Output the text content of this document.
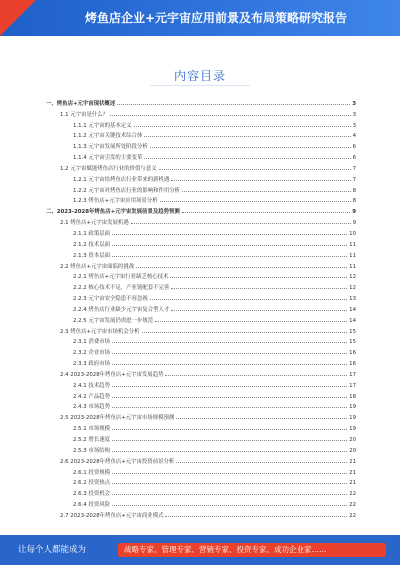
烤鱼店企业+元宇宙应用前景及布局策略研究报告
内容目录
一、烤鱼店+元宇宙现状概述	3
1.1 元宇宙是什么？	3
1.1.1 元宇宙的基本定义	3
1.1.2 元宇宙关键技术综合体	4
1.1.3 元宇宙发展所处阶段分析	6
1.1.4 元宇宙引发的主要变革	6
1.2 元宇宙赋能烤鱼店行业的价值与意义	7
1.2.1 元宇宙给烤鱼店行业带来的新机遇	7
1.2.2 元宇宙对烤鱼店行业的影响和作用分析	8
1.2.3 烤鱼店+元宇宙应用场景分析	8
二、2023-2028年烤鱼店+元宇宙发展前景及趋势预测	9
2.1 烤鱼店+元宇宙发展机遇	9
2.1.1 政策层面	10
2.1.2 技术层面	11
2.1.3 资本层面	11
2.2 烤鱼店+元宇宙面临的挑战	11
2.2.1 烤鱼店+元宇宙行业缺乏核心技术	12
2.2.2 核心技术不足，产业链配套不完善	12
2.2.3 元宇宙安全隐患不容忽视	13
2.2.4 烤鱼店行业缺少元宇宙复合型人才	14
2.2.5 元宇宙发展仍需进一步规范	14
2.3 烤鱼店+元宇宙市场机会分析	15
2.3.1 消费市场	15
2.3.2 企业市场	16
2.3.3 政府市场	16
2.4 2023-2028年烤鱼店+元宇宙发展趋势	17
2.4.1 技术趋势	17
2.4.2 产品趋势	18
2.4.3 市场趋势	19
2.5 2023-2028年烤鱼店+元宇宙市场规模预测	19
2.5.1 市场规模	19
2.5.2 增长速度	20
2.5.3 市场结构	20
2.6 2023-2028年烤鱼店+元宇宙投资前景分析	21
2.6.1 投资规模	21
2.6.2 投资热点	21
2.6.3 投资机会	22
2.6.4 投资风险	22
2.7 2023-2028年烤鱼店+元宇宙商业模式	22
让每个人都能成为	战略专家、管理专家、营销专家、投资专家、成功企业家……
